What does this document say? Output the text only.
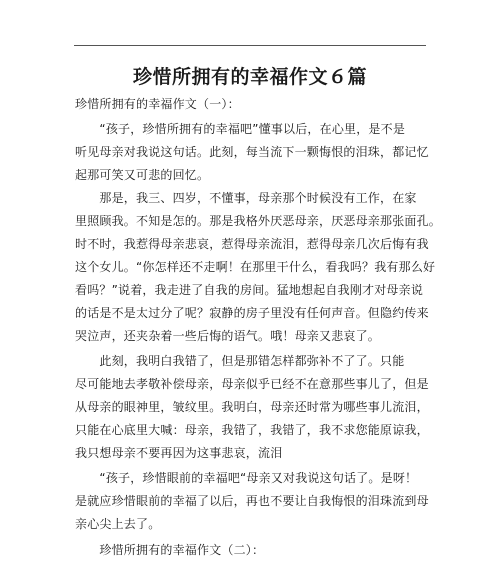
珍惜所拥有的幸福作文６篇
珍惜所拥有的幸福作文（一）：
　　“孩子，珍惜所拥有的幸福吧”懂事以后，在心里，是不是
听见母亲对我说这句话。此刻，每当流下一颗悔恨的泪珠，都记忆
起那可笑又可悲的回忆。
　　那是，我三、四岁，不懂事，母亲那个时候没有工作，在家
里照顾我。不知是怎的。那是我格外厌恶母亲，厌恶母亲那张面孔。
时不时，我惹得母亲悲哀，惹得母亲流泪，惹得母亲几次后悔有我
这个女儿。“你怎样还不走啊！在那里干什么，看我吗？我有那么好
看吗？”说着，我走进了自我的房间。猛地想起自我刚才对母亲说
的话是不是太过分了呢？寂静的房子里没有任何声音。但隐约传来
哭泣声，还夹杂着一些后悔的语气。哦！母亲又悲哀了。
　　此刻，我明白我错了，但是那错怎样都弥补不了了。只能
尽可能地去孝敬补偿母亲，母亲似乎已经不在意那些事儿了，但是
从母亲的眼神里，皱纹里。我明白，母亲还时常为哪些事儿流泪，
只能在心底里大喊：母亲，我错了，我错了，我不求您能原谅我，
我只想母亲不要再因为这事悲哀，流泪
　　“孩子，珍惜眼前的幸福吧“母亲又对我说这句话了。是呀！
是就应珍惜眼前的幸福了以后，再也不要让自我悔恨的泪珠流到母
亲心尖上去了。
　　珍惜所拥有的幸福作文（二）：
